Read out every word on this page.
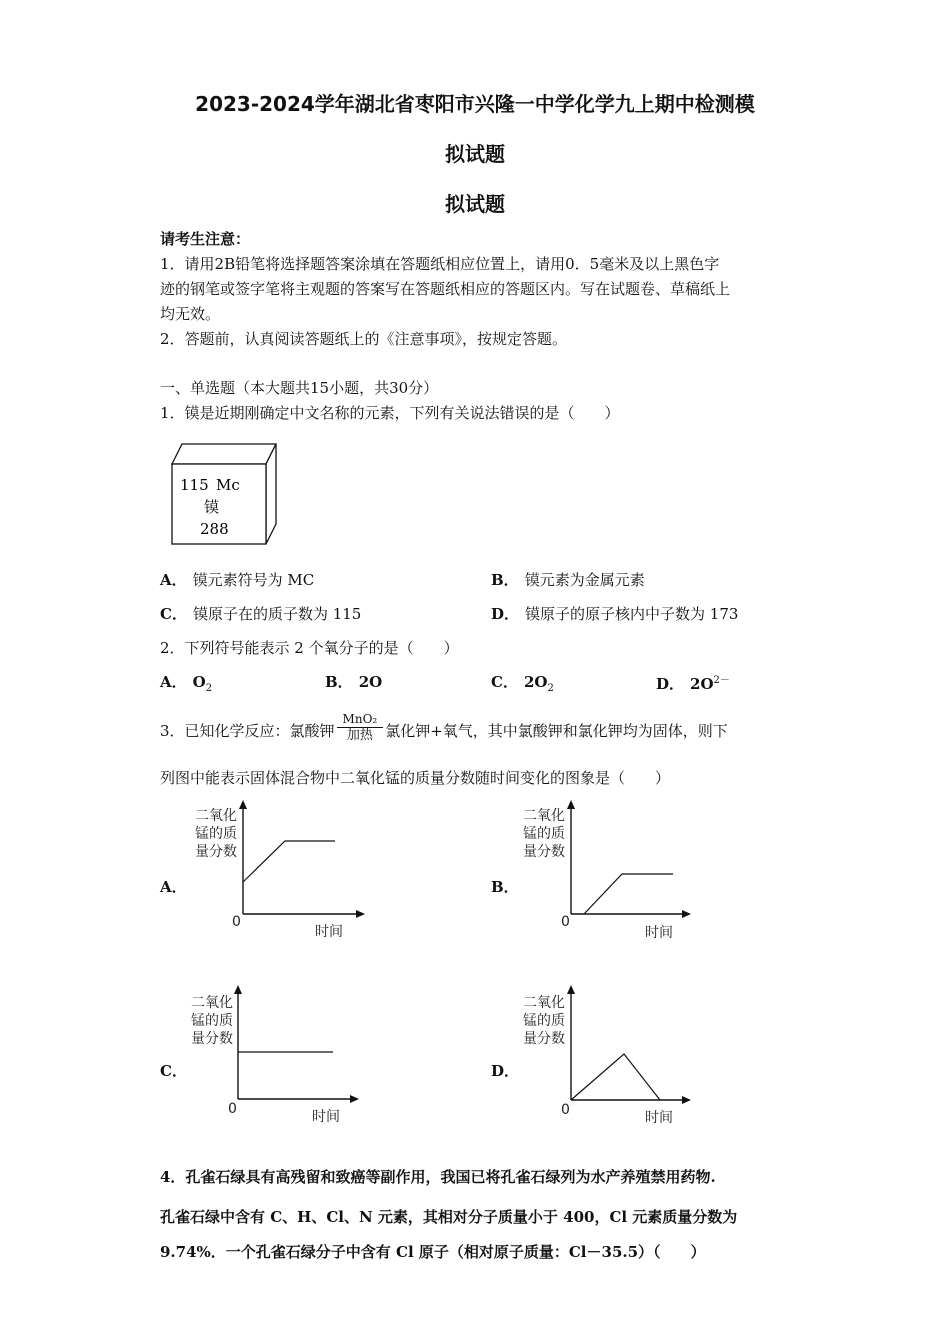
2023-2024学年湖北省枣阳市兴隆一中学化学九上期中检测模
拟试题
拟试题
请考生注意：
1．请用2B铅笔将选择题答案涂填在答题纸相应位置上，请用0．5毫米及以上黑色字
迹的钢笔或签字笔将主观题的答案写在答题纸相应的答题区内。写在试题卷、草稿纸上
均无效。
2．答题前，认真阅读答题纸上的《注意事项》，按规定答题。
一、单选题（本大题共15小题，共30分）
1．镆是近期刚确定中文名称的元素，下列有关说法错误的是（　　）
115 Mc
镆
288
A． 镆元素符号为 MC	B． 镆元素为金属元素
C． 镆原子在的质子数为 115	D． 镆原子的原子核内中子数为 173
2．下列符号能表示 2 个氧分子的是（　　）
A． $O_2$	B． 2O	C． $2O_2$	D． $2O^{2-}$
3．已知化学反应：氯酸钾 $\frac{\text{MnO₂}}{\text{加热}}$ 氯化钾+氧气，其中氯酸钾和氯化钾均为固体，则下
列图中能表示固体混合物中二氧化锰的质量分数随时间变化的图象是（　　）
A．
二氧化
锰的质
量分数
0
时间
B．
二氧化
锰的质
量分数
0
时间
C．
二氧化
锰的质
量分数
0	时间
D．
二氧化
锰的质
量分数
0	时间
4．孔雀石绿具有高残留和致癌等副作用，我国已将孔雀石绿列为水产养殖禁用药物.
孔雀石绿中含有 C、H、Cl、N 元素，其相对分子质量小于 400，Cl 元素质量分数为
9.74%．一个孔雀石绿分子中含有 Cl 原子（相对原子质量：Cl－35.5）（　　）
